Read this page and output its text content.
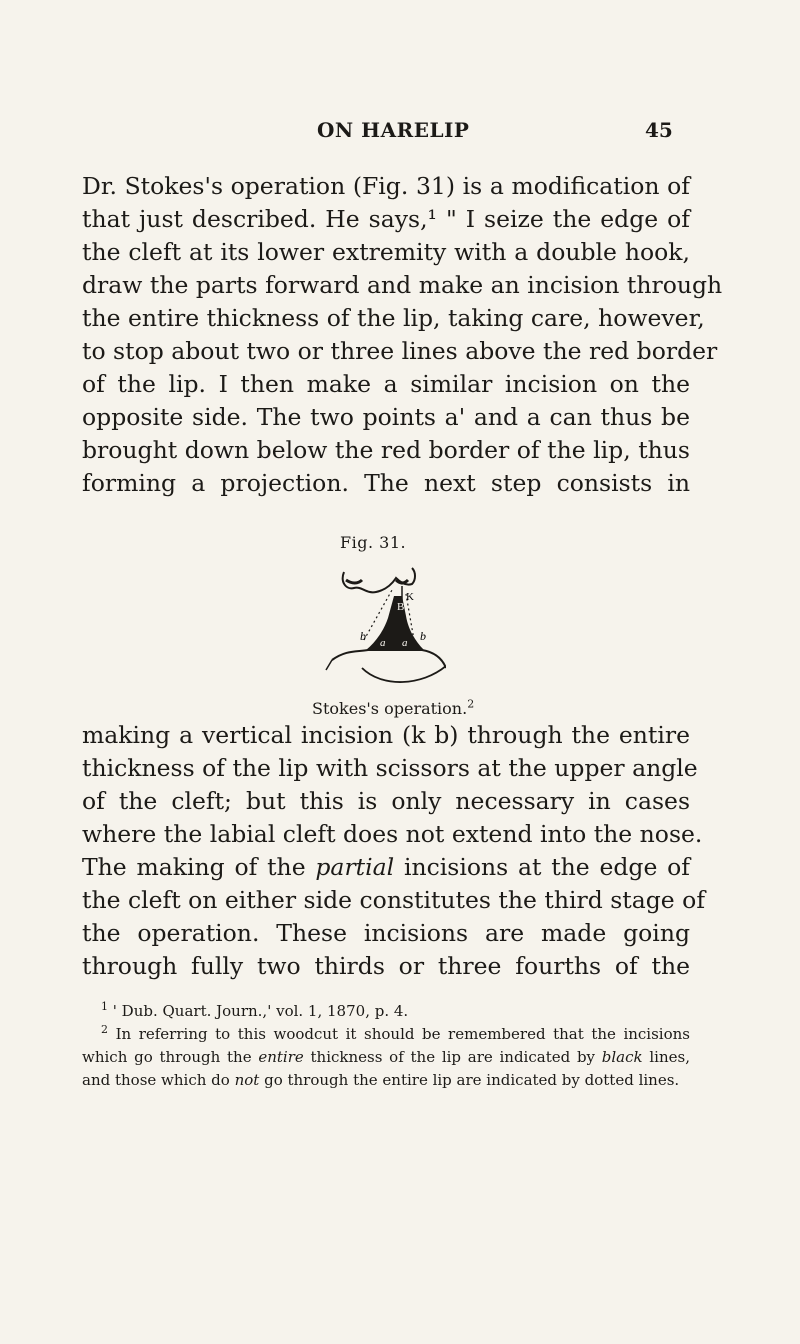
ON HARELIP	45
Dr. Stokes's operation (Fig. 31) is a modification of
that just described. He says,¹ " I seize the edge of
the cleft at its lower extremity with a double hook,
draw the parts forward and make an incision through
the entire thickness of the lip, taking care, however,
to stop about two or three lines above the red border
of the lip. I then make a similar incision on the
opposite side. The two points a' and a can thus be
brought down below the red border of the lip, thus
forming a projection. The next step consists in
Fig. 31.
K
B
b	b
a a
Stokes's operation.$^2$
making a vertical incision (k b) through the entire
thickness of the lip with scissors at the upper angle
of the cleft; but this is only necessary in cases
where the labial cleft does not extend into the nose.
The making of the partial incisions at the edge of
the cleft on either side constitutes the third stage of
the operation. These incisions are made going
through fully two thirds or three fourths of the
$^1$ ' Dub. Quart. Journ.,' vol. 1, 1870, p. 4.
$^2$ In referring to this woodcut it should be remembered that the incisions which go through the entire thickness of the lip are indicated by black lines, and those which do not go through the entire lip are indicated by dotted lines.
